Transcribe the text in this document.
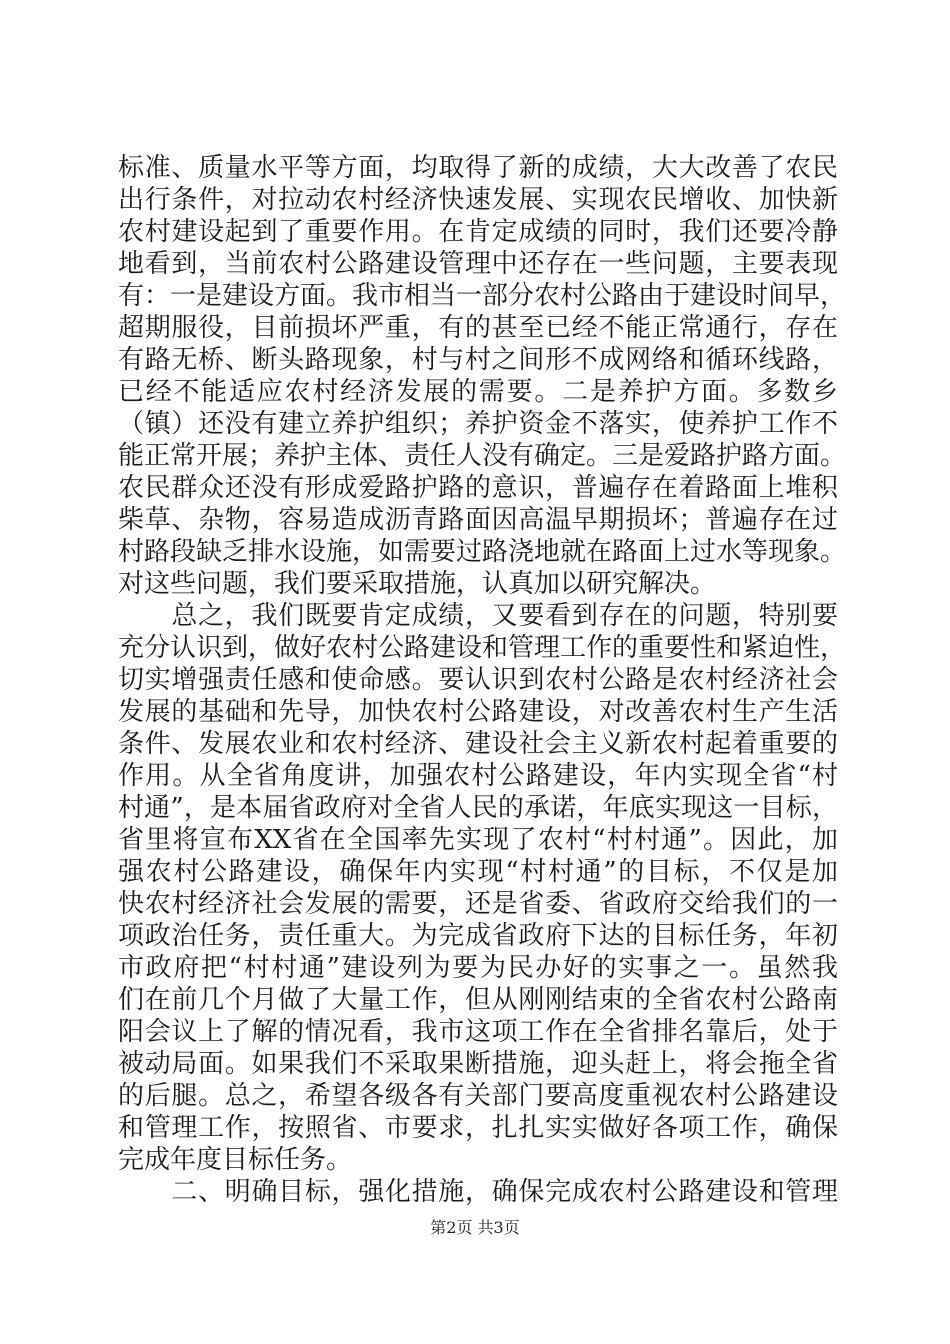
标准、质量水平等方面，均取得了新的成绩，大大改善了农民
出行条件，对拉动农村经济快速发展、实现农民增收、加快新
农村建设起到了重要作用。在肯定成绩的同时，我们还要冷静
地看到，当前农村公路建设管理中还存在一些问题，主要表现
有：一是建设方面。我市相当一部分农村公路由于建设时间早，
超期服役，目前损坏严重，有的甚至已经不能正常通行，存在
有路无桥、断头路现象，村与村之间形不成网络和循环线路，
已经不能适应农村经济发展的需要。二是养护方面。多数乡
（镇）还没有建立养护组织；养护资金不落实，使养护工作不
能正常开展；养护主体、责任人没有确定。三是爱路护路方面。
农民群众还没有形成爱路护路的意识，普遍存在着路面上堆积
柴草、杂物，容易造成沥青路面因高温早期损坏；普遍存在过
村路段缺乏排水设施，如需要过路浇地就在路面上过水等现象。
对这些问题，我们要采取措施，认真加以研究解决。
　　总之，我们既要肯定成绩，又要看到存在的问题，特别要
充分认识到，做好农村公路建设和管理工作的重要性和紧迫性，
切实增强责任感和使命感。要认识到农村公路是农村经济社会
发展的基础和先导，加快农村公路建设，对改善农村生产生活
条件、发展农业和农村经济、建设社会主义新农村起着重要的
作用。从全省角度讲，加强农村公路建设，年内实现全省“村
村通”，是本届省政府对全省人民的承诺，年底实现这一目标，
省里将宣布XX省在全国率先实现了农村“村村通”。因此，加
强农村公路建设，确保年内实现“村村通”的目标，不仅是加
快农村经济社会发展的需要，还是省委、省政府交给我们的一
项政治任务，责任重大。为完成省政府下达的目标任务，年初
市政府把“村村通”建设列为要为民办好的实事之一。虽然我
们在前几个月做了大量工作，但从刚刚结束的全省农村公路南
阳会议上了解的情况看，我市这项工作在全省排名靠后，处于
被动局面。如果我们不采取果断措施，迎头赶上，将会拖全省
的后腿。总之，希望各级各有关部门要高度重视农村公路建设
和管理工作，按照省、市要求，扎扎实实做好各项工作，确保
完成年度目标任务。
　　二、明确目标，强化措施，确保完成农村公路建设和管理
第2页 共3页
